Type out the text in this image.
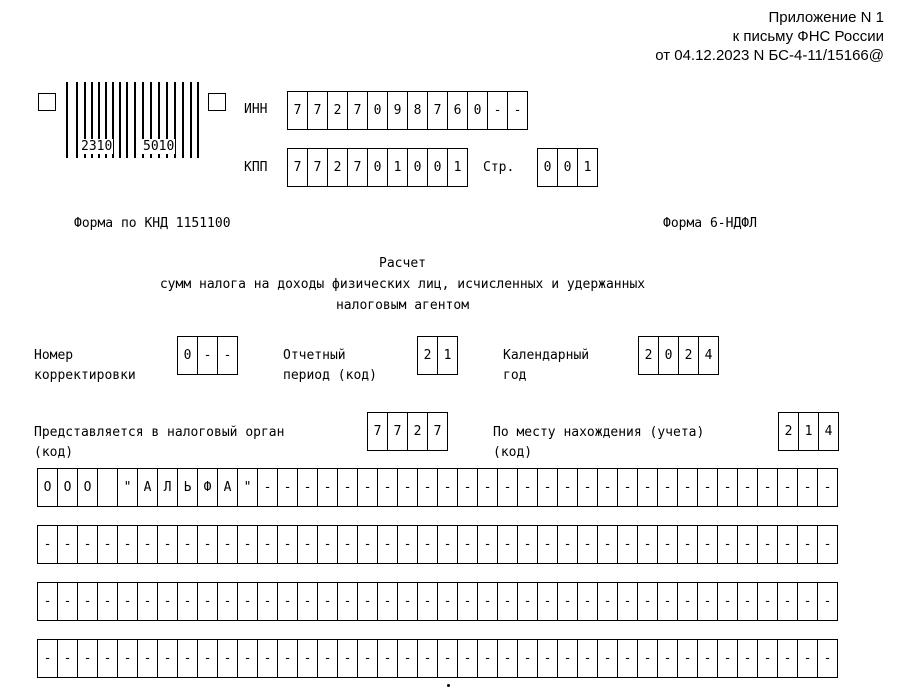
Приложение N 1
к письму ФНС России
от 04.12.2023 N БС-4-11/15166@
2310 5010
ИНН	7 7 2 7 0 9 8 7 6 0 - -
КПП	7 7 2 7 0 1 0 0 1	Стр.	0 0 1
Форма по КНД 1151100	Форма 6-НДФЛ
Расчет
сумм налога на доходы физических лиц, исчисленных и удержанных
налоговым агентом
Номер
корректировки
0 - -	Отчетный
период (код)
2 1	Календарный
год
2 0 2 4
Представляется в налоговый орган
(код)
7 7 2 7	По месту нахождения (учета)
(код)
2 1 4
О О О	" А Л Ь Ф А " - - - - - - - - - - - - - - - - - - - - - - - - - - - - -
- - - - - - - - - - - - - - - - - - - - - - - - - - - - - - - - - - - - - - - -
- - - - - - - - - - - - - - - - - - - - - - - - - - - - - - - - - - - - - - - -
- - - - - - - - - - - - - - - - - - - - - - - - - - - - - - - - - - - - - - - -
